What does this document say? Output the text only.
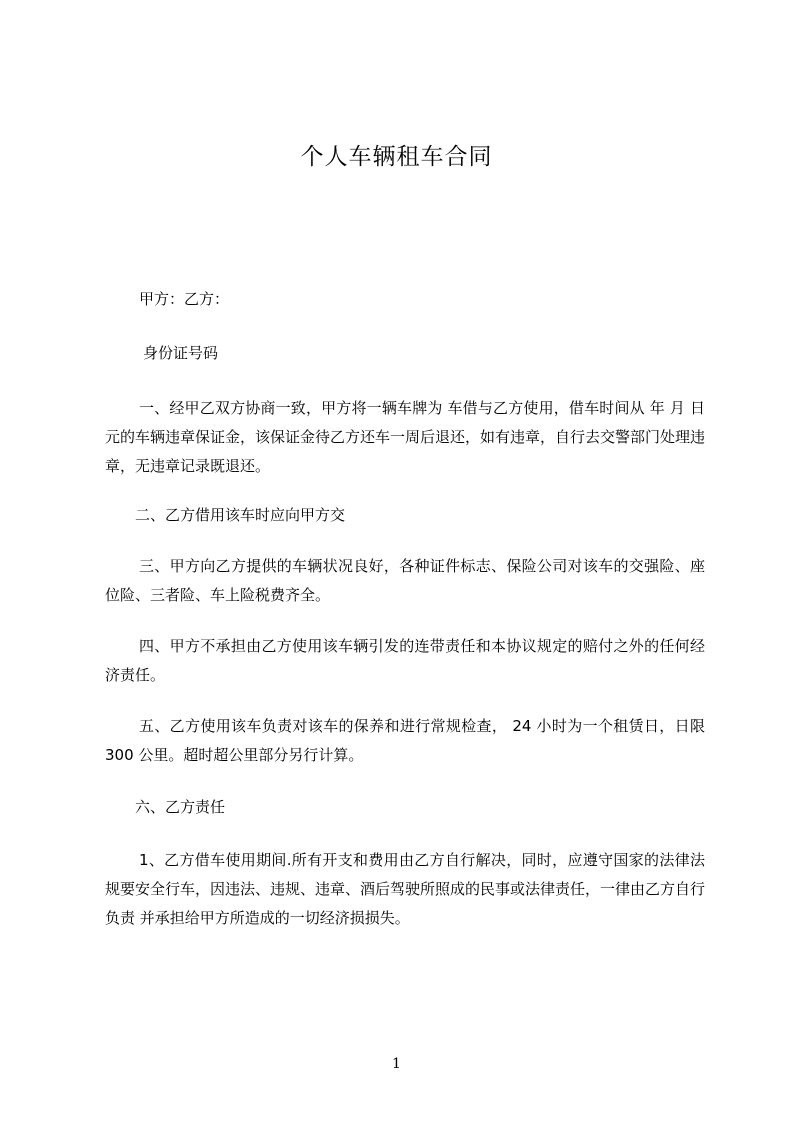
个人车辆租车合同
甲方：乙方：
身份证号码
一、经甲乙双方协商一致，甲方将一辆车牌为 车借与乙方使用，借车时间从 年 月 日 元的车辆违章保证金，该保证金待乙方还车一周后退还，如有违章，自行去交警部门处理违章，无违章记录既退还。
二、乙方借用该车时应向甲方交
三、甲方向乙方提供的车辆状况良好，各种证件标志、保险公司对该车的交强险、座位险、三者险、车上险税费齐全。
四、甲方不承担由乙方使用该车辆引发的连带责任和本协议规定的赔付之外的任何经济责任。
五、乙方使用该车负责对该车的保养和进行常规检查， 24 小时为一个租赁日，日限 300 公里。超时超公里部分另行计算。
六、乙方责任
1、乙方借车使用期间.所有开支和费用由乙方自行解决，同时，应遵守国家的法律法规要安全行车，因违法、违规、违章、酒后驾驶所照成的民事或法律责任，一律由乙方自行负责 并承担给甲方所造成的一切经济损损失。
1
